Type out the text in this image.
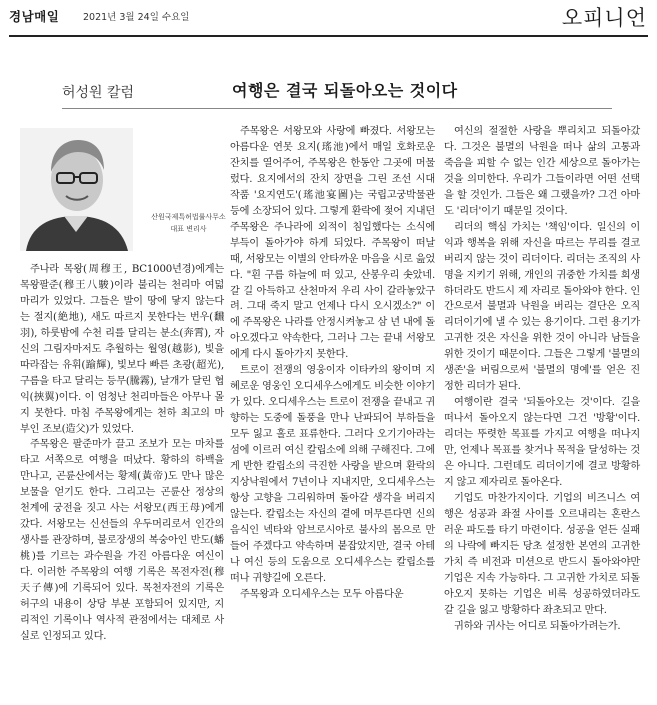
경남매일 2021년 3월 24일 수요일	오피니언
허성원 칼럼	여행은 결국 되돌아오는 것이다
산원국제특허법률사무소
대표 변리사

주나라 목왕(周穆王, BC1000년경)에게는 목왕팔준(穆王八駿)이라 불리는 천리마 여덟 마리가 있었다. 그들은 발이 땅에 닿지 않는다는 절지(絶地), 새도 따르지 못한다는 번우(飜羽), 하룻밤에 수천 리를 달리는 분소(奔霄), 자신의 그림자마저도 추월하는 월영(越影), 빛을 따라잡는 유휘(踰輝), 빛보다 빠른 초광(超光), 구름을 타고 달리는 등무(騰霧), 날개가 달린 협익(挾翼)이다. 이 엄청난 천리마들은 아무나 몰지 못한다. 마침 주목왕에게는 천하 최고의 마부인 조보(造父)가 있었다.

주목왕은 팔준마가 끌고 조보가 모는 마차를 타고 서쪽으로 여행을 떠났다. 황하의 하백을 만나고, 곤륜산에서는 황제(黃帝)도 만나 많은 보물을 얻기도 한다. 그리고는 곤륜산 정상의 천계에 궁전을 짓고 사는 서왕모(西王母)에게 갔다. 서왕모는 신선들의 우두머리로서 인간의 생사를 관장하며, 불로장생의 복숭아인 반도(蟠桃)를 기르는 과수원을 가진 아름다운 여신이다. 이러한 주목왕의 여행 기록은 목전자전(穆天子傳)에 기록되어 있다. 목천자전의 기록은 허구의 내용이 상당 부분 포함되어 있지만, 지리적인 기록이나 역사적 관점에서는 대체로 사실로 인정되고 있다.

주목왕은 서왕모와 사랑에 빠졌다. 서왕모는 아름다운 연못 요지(瑤池)에서 매일 호화로운 잔치를 열어주어, 주목왕은 한동안 그곳에 머물렀다. 요지에서의 잔치 장면을 그린 조선 시대 작품 '요지연도'(瑤池宴圖)는 국립고궁박물관 등에 소장되어 있다. 그렇게 환락에 젖어 지내던 주목왕은 주나라에 외적이 침입했다는 소식에 부득이 돌아가야 하게 되었다. 주목왕이 떠날 때, 서왕모는 이별의 안타까운 마음을 시로 읊었다. "흰 구름 하늘에 떠 있고, 산봉우리 솟았네. 갈 길 아득하고 산천마저 우리 사이 갈라놓았구려. 그대 죽지 말고 언제나 다시 오시겠소?" 이에 주목왕은 나라를 안정시켜놓고 삼 년 내에 돌아오겠다고 약속한다, 그러나 그는 끝내 서왕모에게 다시 돌아가지 못한다.

트로이 전쟁의 영웅이자 이타카의 왕이며 지혜로운 영웅인 오디세우스에게도 비슷한 이야기가 있다. 오디세우스는 트로이 전쟁을 끝내고 귀향하는 도중에 돌풍을 만나 난파되어 부하들을 모두 잃고 홀로 표류한다. 그러다 오기기아라는 섬에 이르러 여신 칼립소에 의해 구해진다. 그에게 반한 칼립소의 극진한 사랑을 받으며 환락의 지상낙원에서 7년이나 지내지만, 오디세우스는 항상 고향을 그리워하며 돌아갈 생각을 버리지 않는다. 칼립소는 자신의 곁에 머무른다면 신의 음식인 넥타와 암브로시아로 불사의 몸으로 만들어 주겠다고 약속하며 붙잡았지만, 결국 아테나 여신 등의 도움으로 오디세우스는 칼립소를 떠나 귀향길에 오른다.

주목왕과 오디세우스는 모두 아름다운

여신의 절절한 사랑을 뿌리치고 되돌아갔다. 그것은 불멸의 낙원을 떠나 삶의 고통과 죽음을 피할 수 없는 인간 세상으로 돌아가는 것을 의미한다. 우리가 그들이라면 어떤 선택을 할 것인가. 그들은 왜 그랬을까? 그건 아마도 '리더'이기 때문일 것이다.

리더의 핵심 가치는 '책임'이다. 일신의 이익과 행복을 위해 자신을 따르는 무리를 결코 버리지 않는 것이 리더이다. 리더는 조직의 사명을 지키기 위해, 개인의 귀중한 가치를 희생하더라도 반드시 제 자리로 돌아와야 한다. 인간으로서 불멸과 낙원을 버리는 결단은 오직 리더이기에 낼 수 있는 용기이다. 그런 용기가 고귀한 것은 자신을 위한 것이 아니라 남들을 위한 것이기 때문이다. 그들은 그렇게 '불멸의 생존'을 버림으로써 '불멸의 명예'를 얻은 진정한 리더가 된다.

여행이란 결국 '되돌아오는 것'이다. 길을 떠나서 돌아오지 않는다면 그건 '방황'이다. 리더는 뚜렷한 목표를 가지고 여행을 떠나지만, 언제나 목표를 찾거나 목적을 달성하는 것은 아니다. 그런데도 리더이기에 결코 방황하지 않고 제자리로 돌아온다.

기업도 마찬가지이다. 기업의 비즈니스 여행은 성공과 좌절 사이를 오르내리는 혼란스러운 파도를 타기 마련이다. 성공을 얻든 실패의 나락에 빠지든 당초 설정한 본연의 고귀한 가치 즉 비전과 미션으로 반드시 돌아와야만 기업은 지속 가능하다. 그 고귀한 가치로 되돌아오지 못하는 기업은 비록 성공하였더라도 갈 길을 잃고 방황하다 좌초되고 만다.

귀하와 귀사는 어디로 되돌아가려는가.
